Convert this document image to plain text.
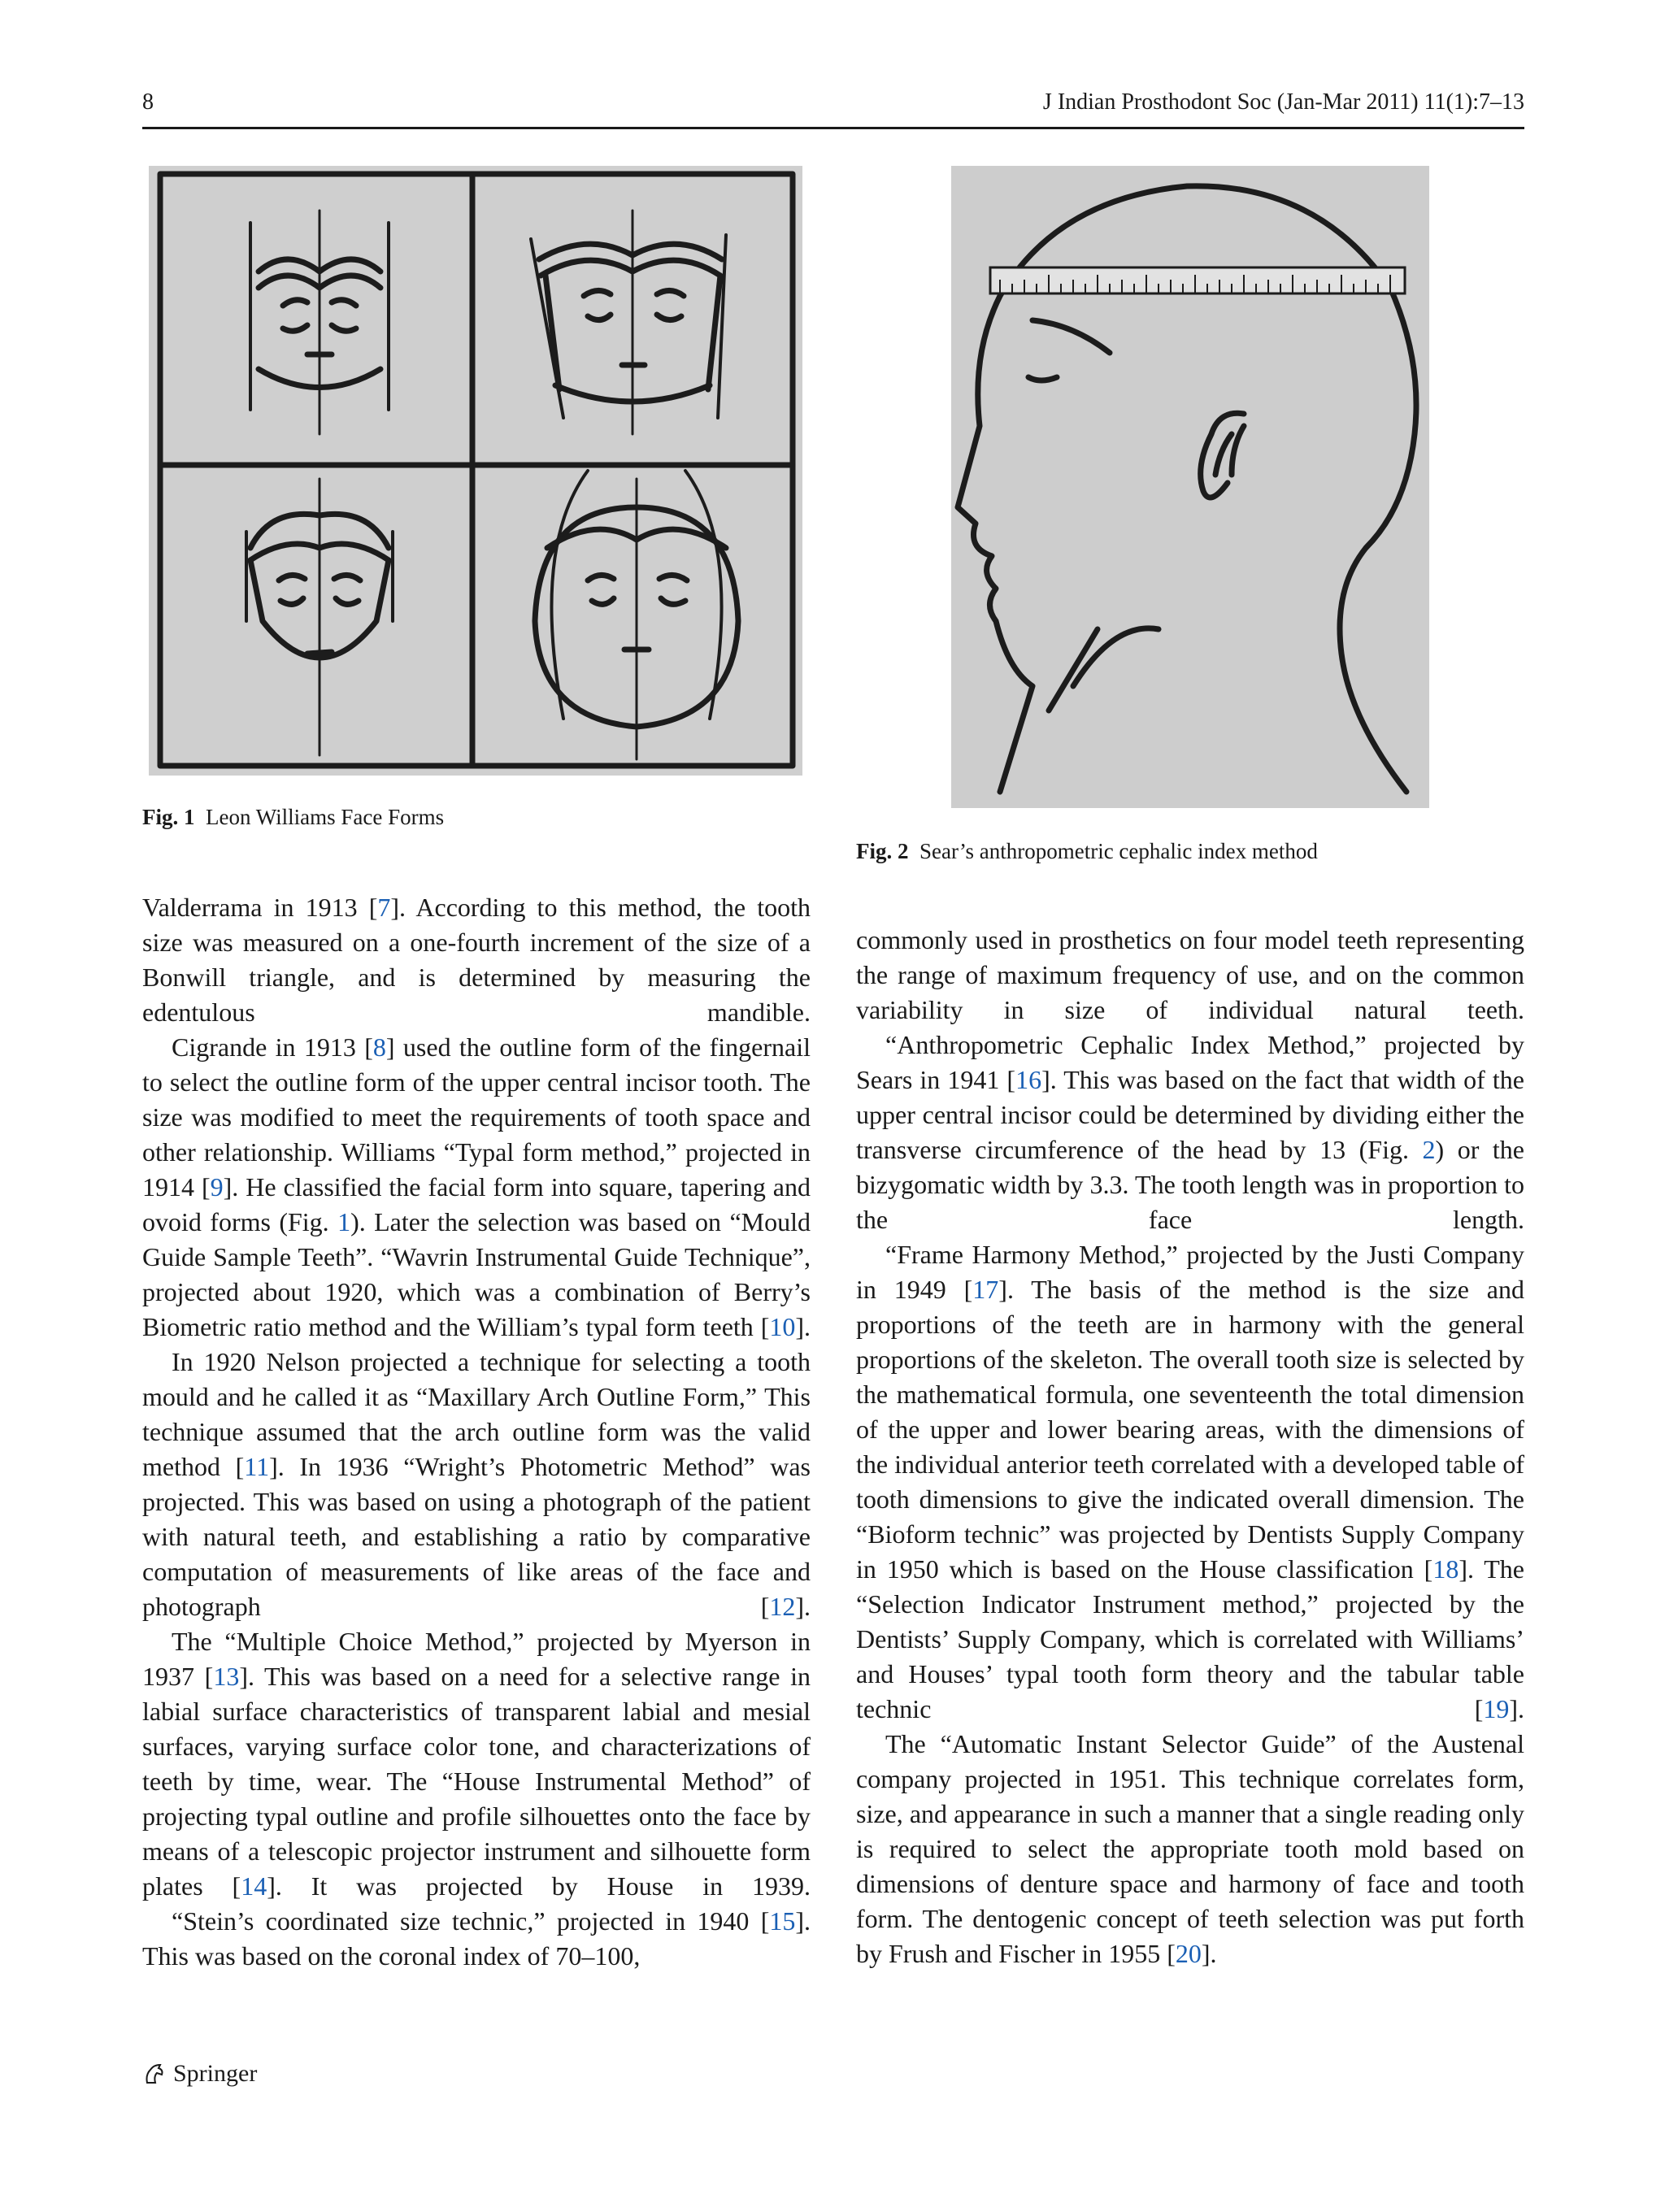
8	J Indian Prosthodont Soc (Jan-Mar 2011) 11(1):7–13
Fig. 1 Leon Williams Face Forms
Fig. 2 Sear’s anthropometric cephalic index method

Valderrama in 1913 [7]. According to this method, the tooth size was measured on a one-fourth increment of the size of a Bonwill triangle, and is determined by measuring the edentulous mandible.

Cigrande in 1913 [8] used the outline form of the fingernail to select the outline form of the upper central incisor tooth. The size was modified to meet the requirements of tooth space and other relationship. Williams “Typal form method,” projected in 1914 [9]. He classified the facial form into square, tapering and ovoid forms (Fig. 1). Later the selection was based on “Mould Guide Sample Teeth”. “Wavrin Instrumental Guide Technique”, projected about 1920, which was a combination of Berry’s Biometric ratio method and the William’s typal form teeth [10].

In 1920 Nelson projected a technique for selecting a tooth mould and he called it as “Maxillary Arch Outline Form,” This technique assumed that the arch outline form was the valid method [11]. In 1936 “Wright’s Photometric Method” was projected. This was based on using a photograph of the patient with natural teeth, and establishing a ratio by comparative computation of measurements of like areas of the face and photograph [12].

The “Multiple Choice Method,” projected by Myerson in 1937 [13]. This was based on a need for a selective range in labial surface characteristics of transparent labial and mesial surfaces, varying surface color tone, and characterizations of teeth by time, wear. The “House Instrumental Method” of projecting typal outline and profile silhouettes onto the face by means of a telescopic projector instrument and silhouette form plates [14]. It was projected by House in 1939.

“Stein’s coordinated size technic,” projected in 1940 [15]. This was based on the coronal index of 70–100,

commonly used in prosthetics on four model teeth representing the range of maximum frequency of use, and on the common variability in size of individual natural teeth.

“Anthropometric Cephalic Index Method,” projected by Sears in 1941 [16]. This was based on the fact that width of the upper central incisor could be determined by dividing either the transverse circumference of the head by 13 (Fig. 2) or the bizygomatic width by 3.3. The tooth length was in proportion to the face length.

“Frame Harmony Method,” projected by the Justi Company in 1949 [17]. The basis of the method is the size and proportions of the teeth are in harmony with the general proportions of the skeleton. The overall tooth size is selected by the mathematical formula, one seventeenth the total dimension of the upper and lower bearing areas, with the dimensions of the individual anterior teeth correlated with a developed table of tooth dimensions to give the indicated overall dimension. The “Bioform technic” was projected by Dentists Supply Company in 1950 which is based on the House classification [18]. The “Selection Indicator Instrument method,” projected by the Dentists’ Supply Company, which is correlated with Williams’ and Houses’ typal tooth form theory and the tabular table technic [19].

The “Automatic Instant Selector Guide” of the Austenal company projected in 1951. This technique correlates form, size, and appearance in such a manner that a single reading only is required to select the appropriate tooth mold based on dimensions of denture space and harmony of face and tooth form. The dentogenic concept of teeth selection was put forth by Frush and Fischer in 1955 [20].

Springer
